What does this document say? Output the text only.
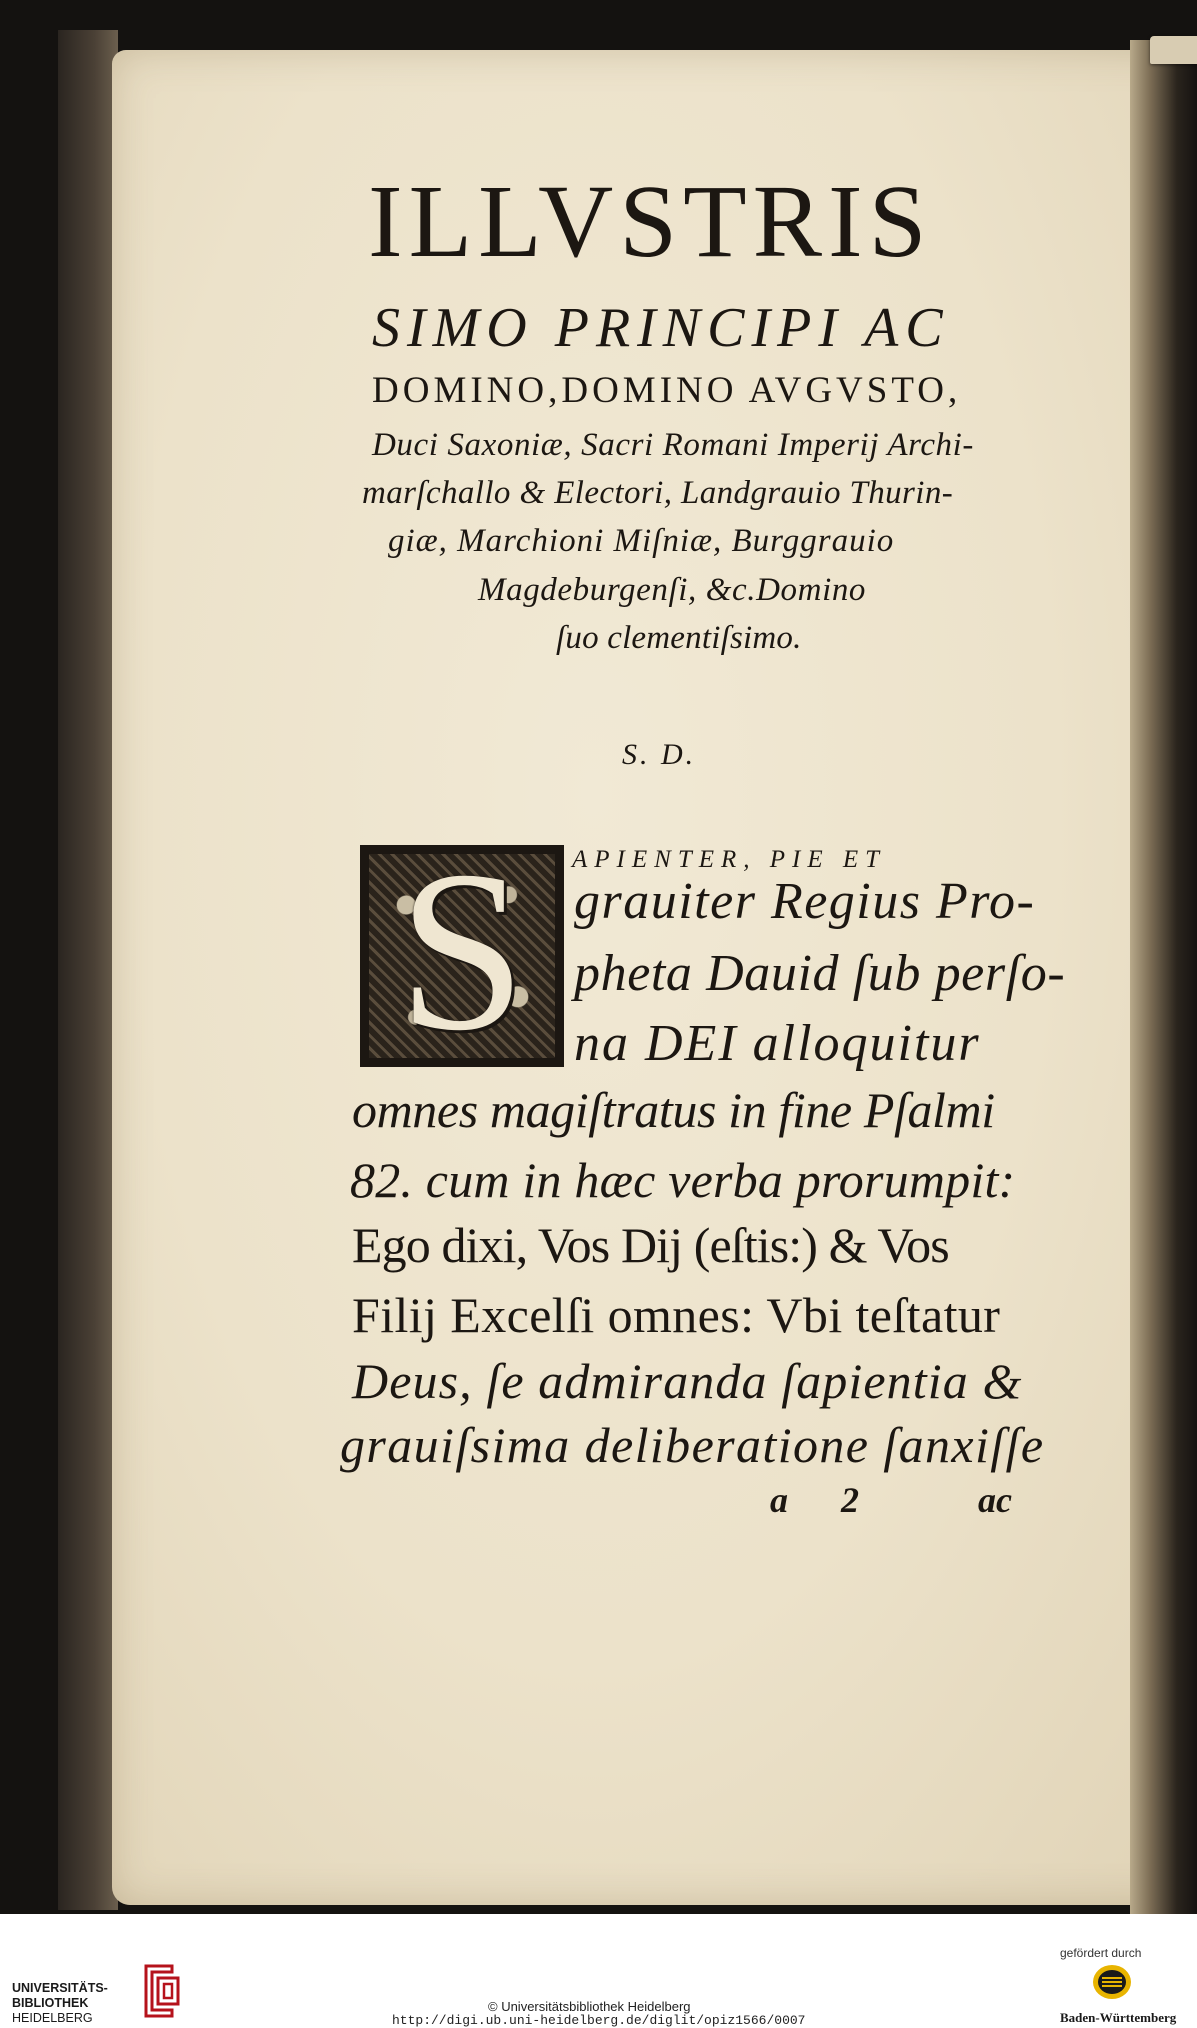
ILLVSTRIS
SIMO PRINCIPI AC
DOMINO,DOMINO AVGVSTO,
Duci Saxoniæ, Sacri Romani Imperij Archi-
marſchallo & Electori, Landgrauio Thurin-
giæ, Marchioni Miſniæ, Burggrauio
Magdeburgenſi, &c.Domino
ſuo clementiſsimo.
S. D.
S	APIENTER, PIE ET
grauiter Regius Pro-
pheta Dauid ſub perſo-
na DEI alloquitur
omnes magiſtratus in fine Pſalmi
82. cum in hæc verba prorumpit:
Ego dixi, Vos Dij (eſtis:) & Vos
Filij Excelſi omnes: Vbi teſtatur
Deus, ſe admiranda ſapientia &
grauiſsima deliberatione ſanxiſſe
a 2	ac
UNIVERSITÄTS-
BIBLIOTHEK
HEIDELBERG
© Universitätsbibliothek Heidelberg
http://digi.ub.uni-heidelberg.de/diglit/opiz1566/0007
gefördert durch
Baden-Württemberg
